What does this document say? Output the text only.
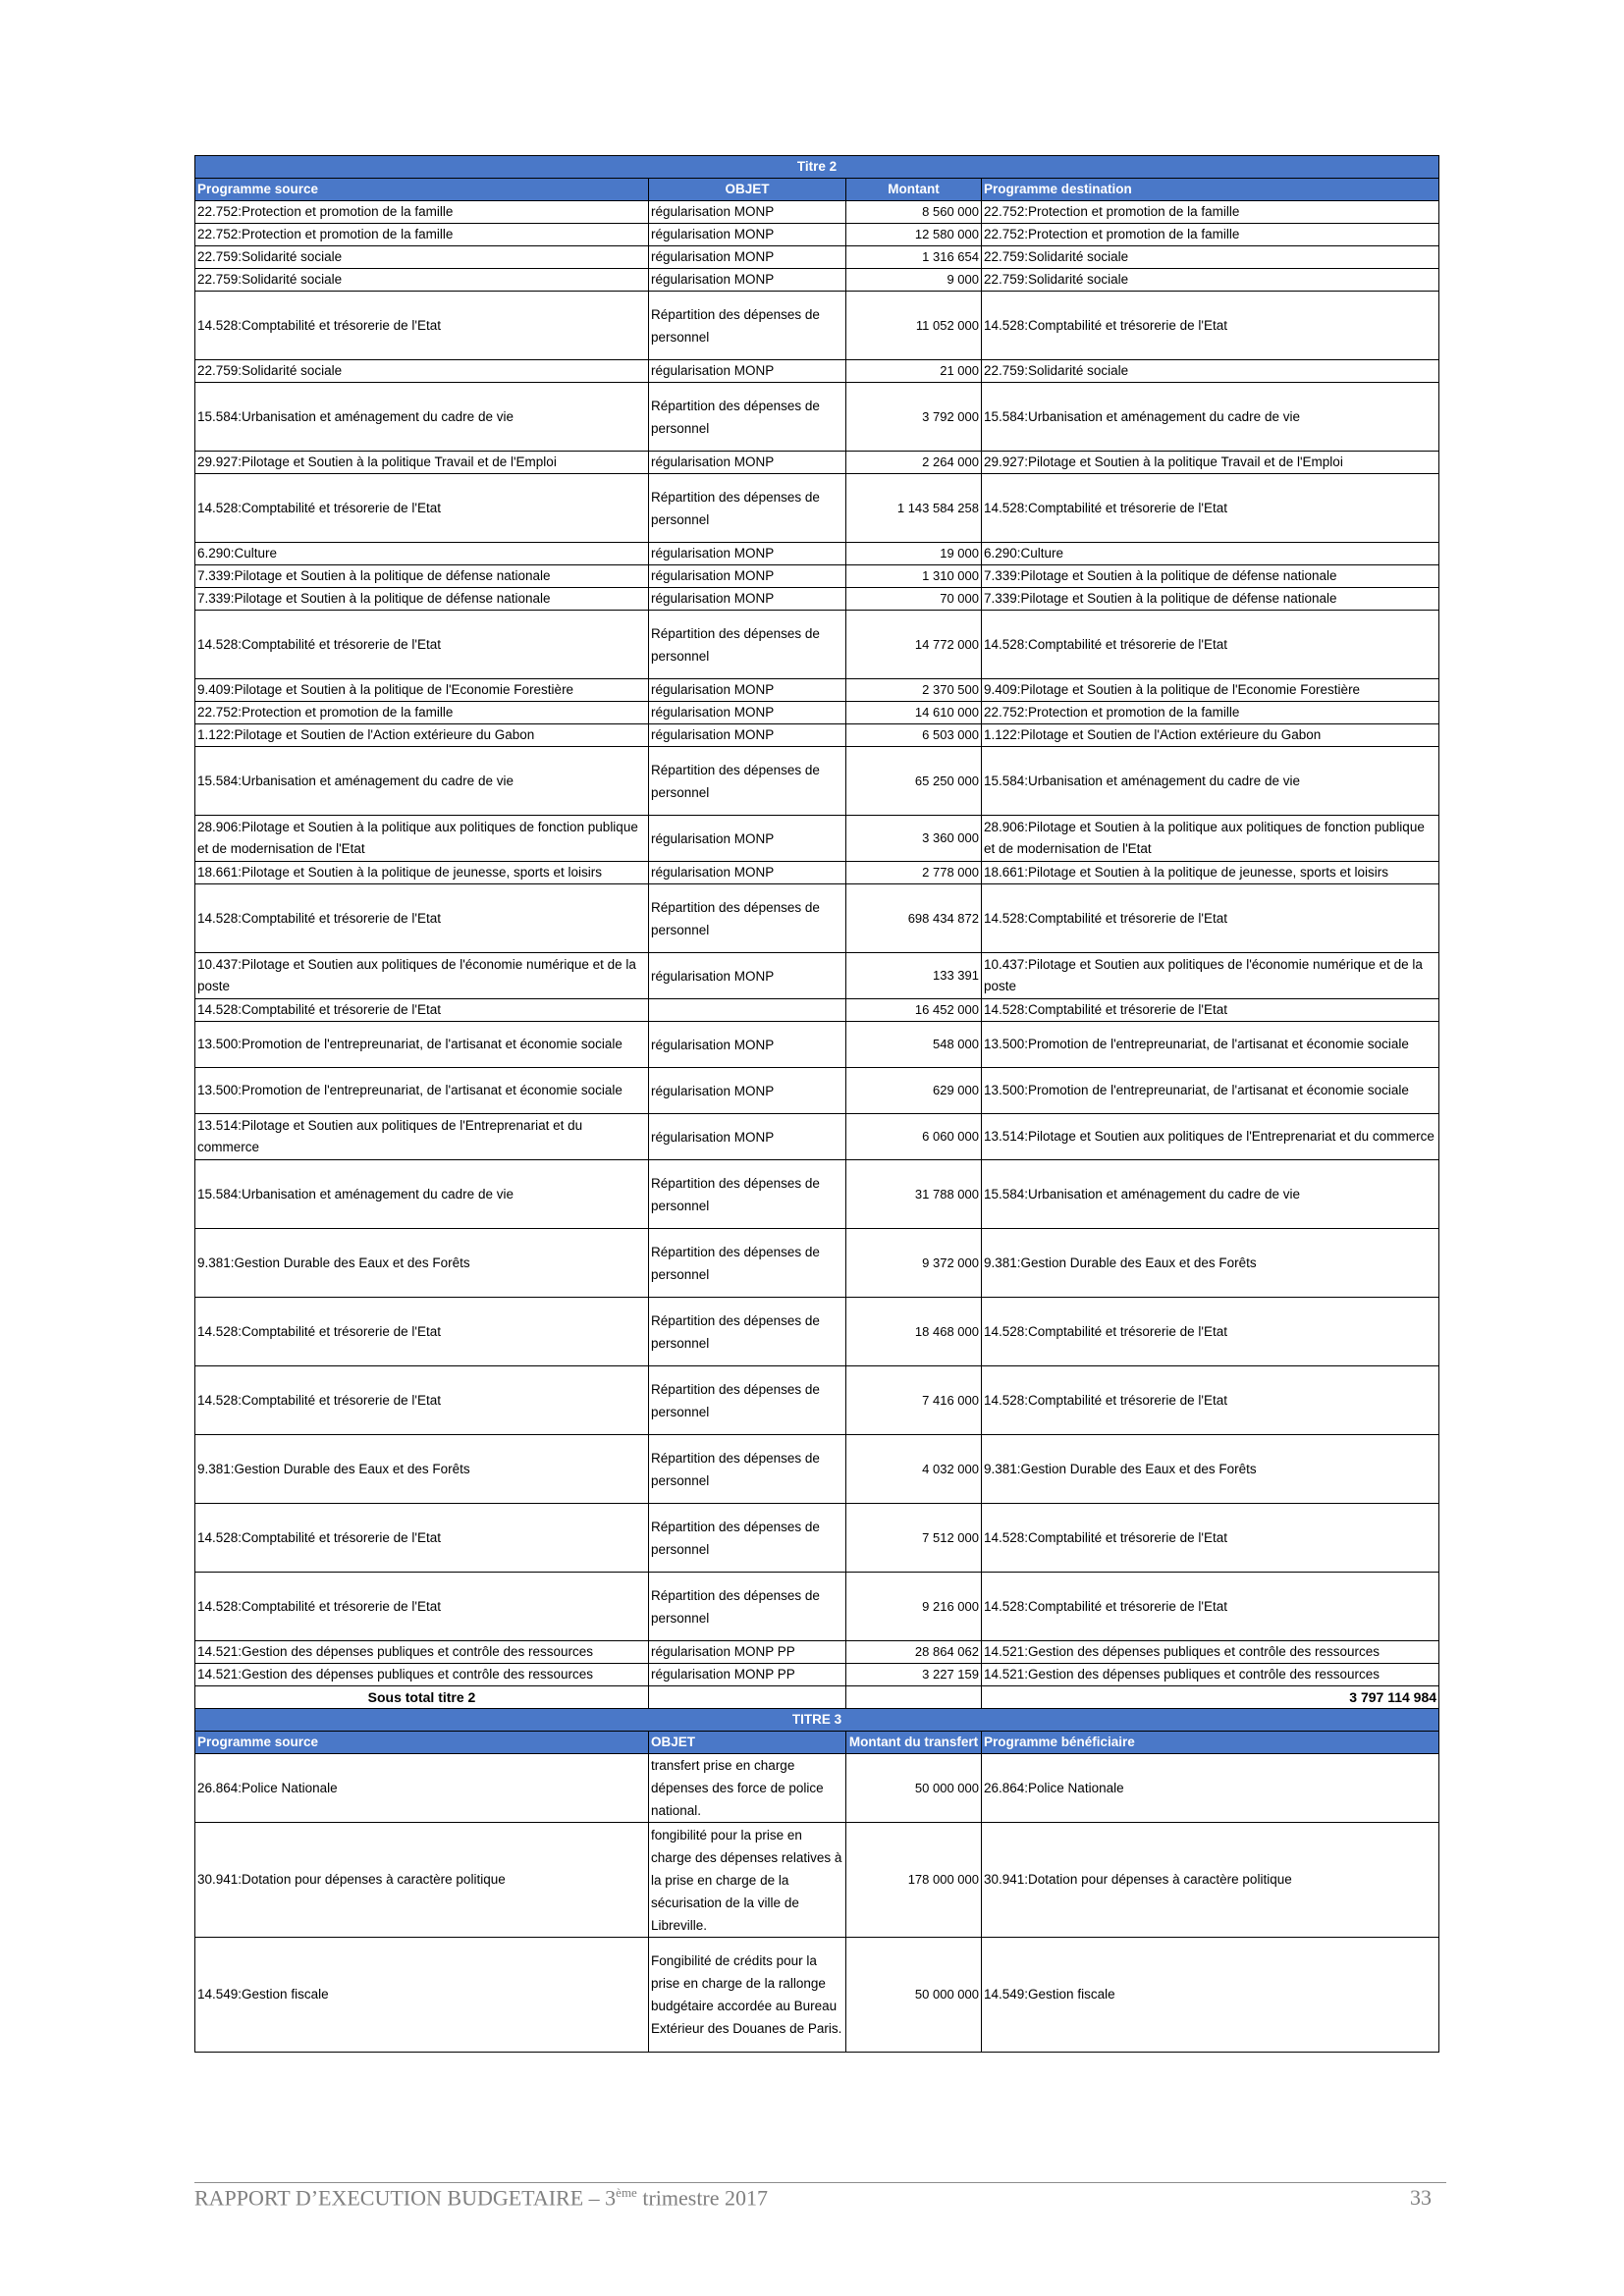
Titre 2			
Programme source	OBJET	Montant	Programme destination
22.752:Protection et promotion de la famille	régularisation MONP	8 560 000	22.752:Protection et promotion de la famille
22.752:Protection et promotion de la famille	régularisation MONP	12 580 000	22.752:Protection et promotion de la famille
22.759:Solidarité sociale	régularisation MONP	1 316 654	22.759:Solidarité sociale
22.759:Solidarité sociale	régularisation MONP	9 000	22.759:Solidarité sociale
14.528:Comptabilité et trésorerie de l'Etat	Répartition des dépenses de personnel	11 052 000	14.528:Comptabilité et trésorerie de l'Etat
22.759:Solidarité sociale	régularisation MONP	21 000	22.759:Solidarité sociale
15.584:Urbanisation et aménagement du cadre de vie	Répartition des dépenses de personnel	3 792 000	15.584:Urbanisation et aménagement du cadre de vie
29.927:Pilotage et Soutien à la politique Travail et de l'Emploi	régularisation MONP	2 264 000	29.927:Pilotage et Soutien à la politique Travail et de l'Emploi
14.528:Comptabilité et trésorerie de l'Etat	Répartition des dépenses de personnel	1 143 584 258	14.528:Comptabilité et trésorerie de l'Etat
6.290:Culture	régularisation MONP	19 000	6.290:Culture
7.339:Pilotage et Soutien à la politique de défense nationale	régularisation MONP	1 310 000	7.339:Pilotage et Soutien à la politique de défense nationale
7.339:Pilotage et Soutien à la politique de défense nationale	régularisation MONP	70 000	7.339:Pilotage et Soutien à la politique de défense nationale
14.528:Comptabilité et trésorerie de l'Etat	Répartition des dépenses de personnel	14 772 000	14.528:Comptabilité et trésorerie de l'Etat
9.409:Pilotage et Soutien à la politique de l'Economie Forestière	régularisation MONP	2 370 500	9.409:Pilotage et Soutien à la politique de l'Economie Forestière
22.752:Protection et promotion de la famille	régularisation MONP	14 610 000	22.752:Protection et promotion de la famille
1.122:Pilotage et Soutien de l'Action extérieure du Gabon	régularisation MONP	6 503 000	1.122:Pilotage et Soutien de l'Action extérieure du Gabon
15.584:Urbanisation et aménagement du cadre de vie	Répartition des dépenses de personnel	65 250 000	15.584:Urbanisation et aménagement du cadre de vie
28.906:Pilotage et Soutien à la politique aux politiques de fonction publique et de modernisation de l'Etat	régularisation MONP	3 360 000	28.906:Pilotage et Soutien à la politique aux politiques de fonction publique et de modernisation de l'Etat
18.661:Pilotage et Soutien à la politique de jeunesse, sports et loisirs	régularisation MONP	2 778 000	18.661:Pilotage et Soutien à la politique de jeunesse, sports et loisirs
14.528:Comptabilité et trésorerie de l'Etat	Répartition des dépenses de personnel	698 434 872	14.528:Comptabilité et trésorerie de l'Etat
10.437:Pilotage et Soutien aux politiques de l'économie numérique et de la poste	régularisation MONP	133 391	10.437:Pilotage et Soutien aux politiques de l'économie numérique et de la poste
14.528:Comptabilité et trésorerie de l'Etat		16 452 000	14.528:Comptabilité et trésorerie de l'Etat
13.500:Promotion de l'entrepreunariat, de l'artisanat et économie sociale	régularisation MONP	548 000	13.500:Promotion de l'entrepreunariat, de l'artisanat et économie sociale
13.500:Promotion de l'entrepreunariat, de l'artisanat et économie sociale	régularisation MONP	629 000	13.500:Promotion de l'entrepreunariat, de l'artisanat et économie sociale
13.514:Pilotage et Soutien aux politiques de l'Entreprenariat et du commerce	régularisation MONP	6 060 000	13.514:Pilotage et Soutien aux politiques de l'Entreprenariat et du commerce
15.584:Urbanisation et aménagement du cadre de vie	Répartition des dépenses de personnel	31 788 000	15.584:Urbanisation et aménagement du cadre de vie
9.381:Gestion Durable des Eaux et des Forêts	Répartition des dépenses de personnel	9 372 000	9.381:Gestion Durable des Eaux et des Forêts
14.528:Comptabilité et trésorerie de l'Etat	Répartition des dépenses de personnel	18 468 000	14.528:Comptabilité et trésorerie de l'Etat
14.528:Comptabilité et trésorerie de l'Etat	Répartition des dépenses de personnel	7 416 000	14.528:Comptabilité et trésorerie de l'Etat
9.381:Gestion Durable des Eaux et des Forêts	Répartition des dépenses de personnel	4 032 000	9.381:Gestion Durable des Eaux et des Forêts
14.528:Comptabilité et trésorerie de l'Etat	Répartition des dépenses de personnel	7 512 000	14.528:Comptabilité et trésorerie de l'Etat
14.528:Comptabilité et trésorerie de l'Etat	Répartition des dépenses de personnel	9 216 000	14.528:Comptabilité et trésorerie de l'Etat
14.521:Gestion des dépenses publiques et contrôle des ressources	régularisation MONP PP	28 864 062	14.521:Gestion des dépenses publiques et contrôle des ressources
14.521:Gestion des dépenses publiques et contrôle des ressources	régularisation MONP PP	3 227 159	14.521:Gestion des dépenses publiques et contrôle des ressources
Sous total titre 2			3 797 114 984
TITRE 3			
Programme source	OBJET	Montant du transfert	Programme bénéficiaire
26.864:Police Nationale	transfert prise en charge dépenses des force de police national.	50 000 000	26.864:Police Nationale
30.941:Dotation pour dépenses à caractère politique	fongibilité pour la prise en charge des dépenses relatives à la prise en charge de la sécurisation de la ville de Libreville.	178 000 000	30.941:Dotation pour dépenses à caractère politique
14.549:Gestion fiscale	Fongibilité de crédits pour la prise en charge de la rallonge budgétaire accordée au Bureau Extérieur des Douanes de Paris.	50 000 000	14.549:Gestion fiscale
RAPPORT D’EXECUTION BUDGETAIRE – 3ème trimestre 2017	33
